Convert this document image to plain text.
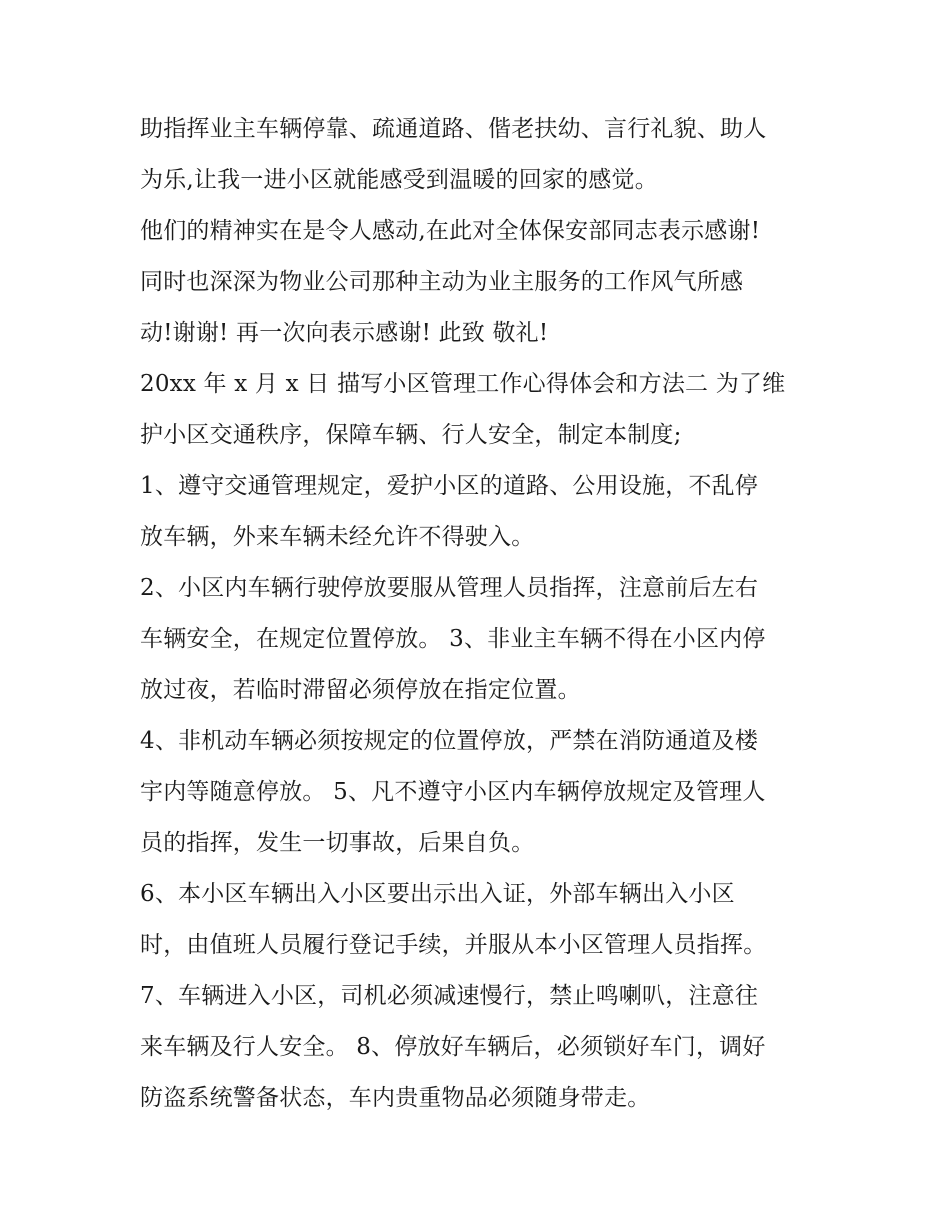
助指挥业主车辆停靠、疏通道路、偕老扶幼、言行礼貌、助人
为乐,让我一进小区就能感受到温暖的回家的感觉。
他们的精神实在是令人感动,在此对全体保安部同志表示感谢!
同时也深深为物业公司那种主动为业主服务的工作风气所感
动!谢谢! 再一次向表示感谢! 此致 敬礼!
20xx 年 x 月 x 日 描写小区管理工作心得体会和方法二 为了维
护小区交通秩序，保障车辆、行人安全，制定本制度;
1、遵守交通管理规定，爱护小区的道路、公用设施，不乱停
放车辆，外来车辆未经允许不得驶入。
2、小区内车辆行驶停放要服从管理人员指挥，注意前后左右
车辆安全，在规定位置停放。 3、非业主车辆不得在小区内停
放过夜，若临时滞留必须停放在指定位置。
4、非机动车辆必须按规定的位置停放，严禁在消防通道及楼
宇内等随意停放。 5、凡不遵守小区内车辆停放规定及管理人
员的指挥，发生一切事故，后果自负。
6、本小区车辆出入小区要出示出入证，外部车辆出入小区
时，由值班人员履行登记手续，并服从本小区管理人员指挥。
7、车辆进入小区，司机必须减速慢行，禁止鸣喇叭，注意往
来车辆及行人安全。 8、停放好车辆后，必须锁好车门，调好
防盗系统警备状态，车内贵重物品必须随身带走。
